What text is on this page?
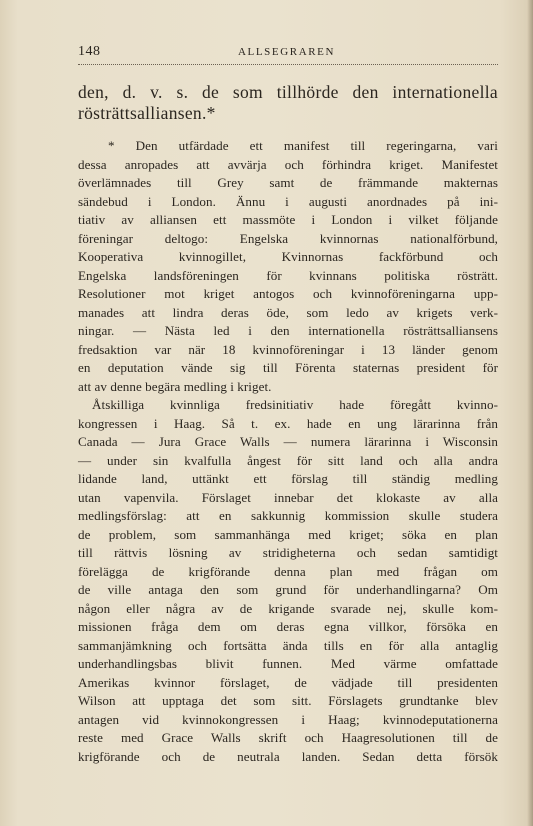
148	ALLSEGRAREN
den, d. v. s. de som tillhörde den internationella
rösträttsalliansen.*
* Den utfärdade ett manifest till regeringarna, vari
dessa anropades att avvärja och förhindra kriget. Manifestet
överlämnades till Grey samt de främmande makternas
sändebud i London. Ännu i augusti anordnades på ini-
tiativ av alliansen ett massmöte i London i vilket följande
föreningar deltogo: Engelska kvinnornas nationalförbund,
Kooperativa kvinnogillet, Kvinnornas fackförbund och
Engelska landsföreningen för kvinnans politiska rösträtt.
Resolutioner mot kriget antogos och kvinnoföreningarna upp-
manades att lindra deras öde, som ledo av krigets verk-
ningar. — Nästa led i den internationella rösträttsalliansens
fredsaktion var när 18 kvinnoföreningar i 13 länder genom
en deputation vände sig till Förenta staternas president för
att av denne begära medling i kriget.
Åtskilliga kvinnliga fredsinitiativ hade föregått kvinno-
kongressen i Haag. Så t. ex. hade en ung lärarinna från
Canada — Jura Grace Walls — numera lärarinna i Wisconsin
— under sin kvalfulla ångest för sitt land och alla andra
lidande land, uttänkt ett förslag till ständig medling
utan vapenvila. Förslaget innebar det klokaste av alla
medlingsförslag: att en sakkunnig kommission skulle studera
de problem, som sammanhänga med kriget; söka en plan
till rättvis lösning av stridigheterna och sedan samtidigt
förelägga de krigförande denna plan med frågan om
de ville antaga den som grund för underhandlingarna? Om
någon eller några av de krigande svarade nej, skulle kom-
missionen fråga dem om deras egna villkor, försöka en
sammanjämkning och fortsätta ända tills en för alla antaglig
underhandlingsbas blivit funnen. Med värme omfattade
Amerikas kvinnor förslaget, de vädjade till presidenten
Wilson att upptaga det som sitt. Förslagets grundtanke blev
antagen vid kvinnokongressen i Haag; kvinnodeputationerna
reste med Grace Walls skrift och Haagresolutionen till de
krigförande och de neutrala landen. Sedan detta försök
